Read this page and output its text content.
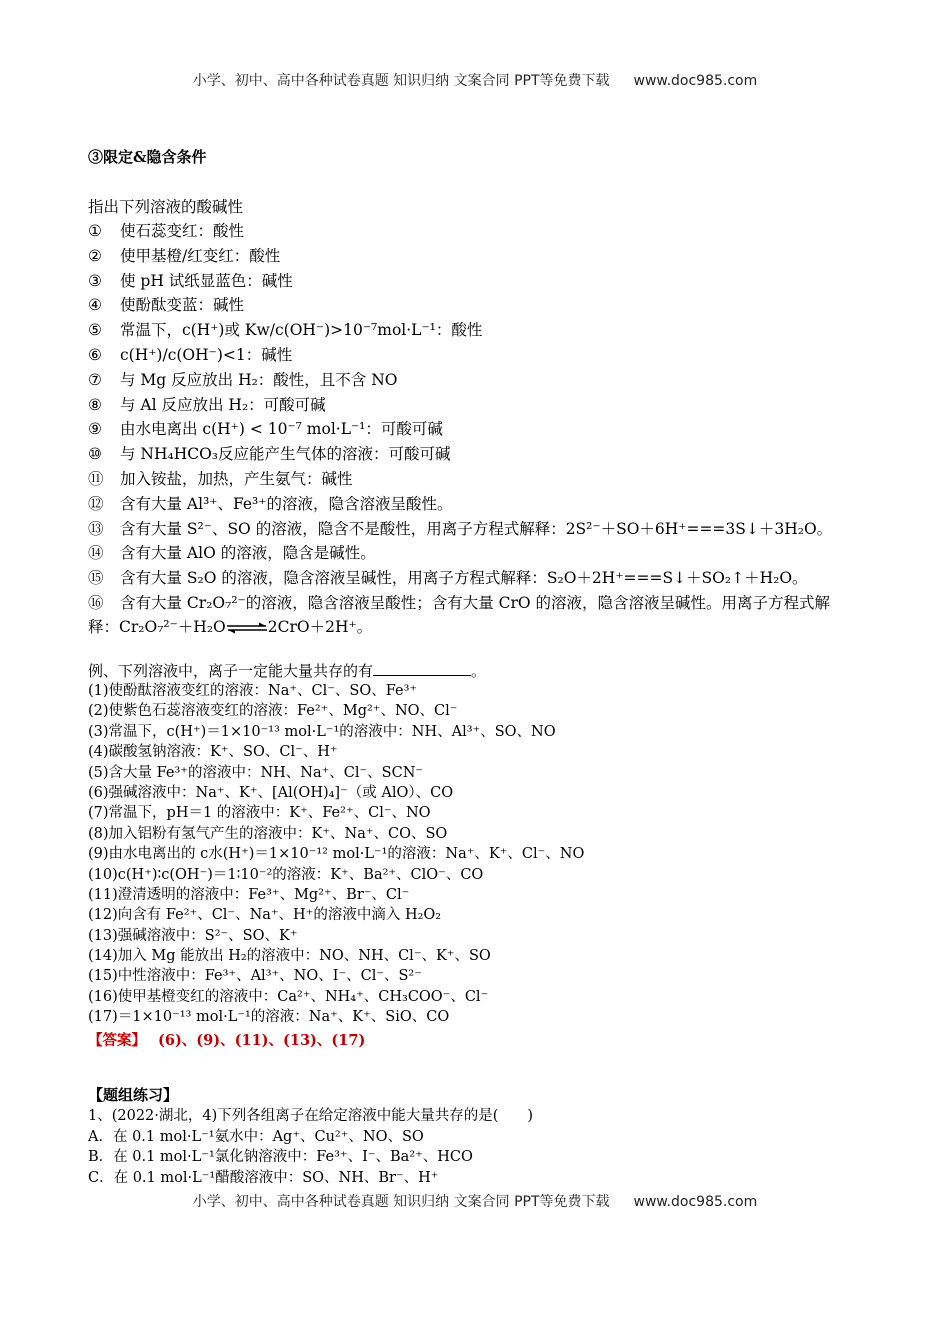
小学、初中、高中各种试卷真题 知识归纳 文案合同 PPT等免费下载 www.doc985.com
③限定&隐含条件
指出下列溶液的酸碱性
①	使石蕊变红：酸性
②	使甲基橙/红变红：酸性
③	使 pH 试纸显蓝色：碱性
④	使酚酞变蓝：碱性
⑤	常温下，c(H⁺)或 Kᴡ/c(OH⁻)>10⁻⁷mol·L⁻¹：酸性
⑥	c(H⁺)/c(OH⁻)<1：碱性
⑦	与 Mg 反应放出 H₂：酸性，且不含 NO
⑧	与 Al 反应放出 H₂：可酸可碱
⑨	由水电离出 c(H⁺) < 10⁻⁷ mol·L⁻¹：可酸可碱
⑩	与 NH₄HCO₃反应能产生气体的溶液：可酸可碱
⑪	加入铵盐，加热，产生氨气：碱性
⑫	含有大量 Al³⁺、Fe³⁺的溶液，隐含溶液呈酸性。
⑬	含有大量 S²⁻、SO 的溶液，隐含不是酸性，用离子方程式解释：2S²⁻＋SO＋6H⁺===3S↓＋3H₂O。
⑭	含有大量 AlO 的溶液，隐含是碱性。
⑮	含有大量 S₂O 的溶液，隐含溶液呈碱性，用离子方程式解释：S₂O＋2H⁺===S↓＋SO₂↑＋H₂O。
⑯ 含有大量 Cr₂O₇²⁻的溶液，隐含溶液呈酸性；含有大量 CrO 的溶液，隐含溶液呈碱性。用离子方程式解
释：Cr₂O₇²⁻＋H₂O⇌2CrO＋2H⁺。
例、下列溶液中，离子一定能大量共存的有	。
(1)使酚酞溶液变红的溶液：Na⁺、Cl⁻、SO、Fe³⁺
(2)使紫色石蕊溶液变红的溶液：Fe²⁺、Mg²⁺、NO、Cl⁻
(3)常温下，c(H⁺)＝1×10⁻¹³ mol·L⁻¹的溶液中：NH、Al³⁺、SO、NO
(4)碳酸氢钠溶液：K⁺、SO、Cl⁻、H⁺
(5)含大量 Fe³⁺的溶液中：NH、Na⁺、Cl⁻、SCN⁻
(6)强碱溶液中：Na⁺、K⁺、[Al(OH)₄]⁻（或 AlO）、CO
(7)常温下，pH＝1 的溶液中：K⁺、Fe²⁺、Cl⁻、NO
(8)加入铝粉有氢气产生的溶液中：K⁺、Na⁺、CO、SO
(9)由水电离出的 c水(H⁺)＝1×10⁻¹² mol·L⁻¹的溶液：Na⁺、K⁺、Cl⁻、NO
(10)c(H⁺)∶c(OH⁻)＝1∶10⁻²的溶液：K⁺、Ba²⁺、ClO⁻、CO
(11)澄清透明的溶液中：Fe³⁺、Mg²⁺、Br⁻、Cl⁻
(12)向含有 Fe²⁺、Cl⁻、Na⁺、H⁺的溶液中滴入 H₂O₂
(13)强碱溶液中：S²⁻、SO、K⁺
(14)加入 Mg 能放出 H₂的溶液中：NO、NH、Cl⁻、K⁺、SO
(15)中性溶液中：Fe³⁺、Al³⁺、NO、I⁻、Cl⁻、S²⁻
(16)使甲基橙变红的溶液中：Ca²⁺、NH₄⁺、CH₃COO⁻、Cl⁻
(17)＝1×10⁻¹³ mol·L⁻¹的溶液：Na⁺、K⁺、SiO、CO
【答案】 (6)、(9)、(11)、(13)、(17)
【题组练习】
1、(2022·湖北，4)下列各组离子在给定溶液中能大量共存的是(　　)
A．在 0.1 mol·L⁻¹氨水中：Ag⁺、Cu²⁺、NO、SO
B．在 0.1 mol·L⁻¹氯化钠溶液中：Fe³⁺、I⁻、Ba²⁺、HCO
C．在 0.1 mol·L⁻¹醋酸溶液中：SO、NH、Br⁻、H⁺
小学、初中、高中各种试卷真题 知识归纳 文案合同 PPT等免费下载 www.doc985.com
